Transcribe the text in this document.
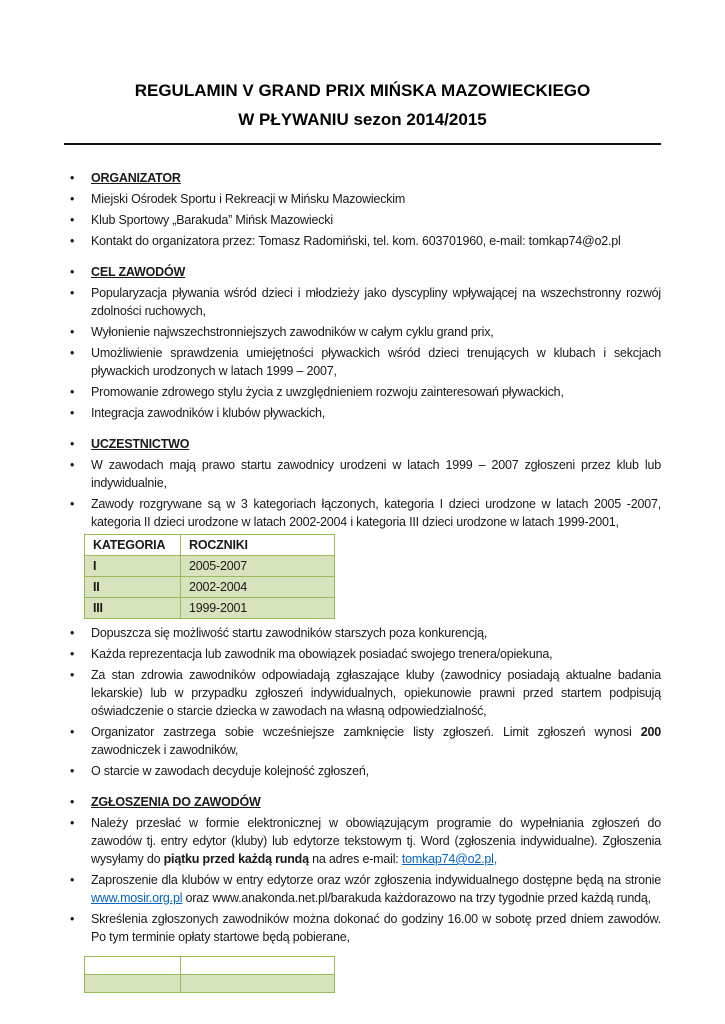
REGULAMIN V GRAND PRIX MIŃSKA MAZOWIECKIEGO
W PŁYWANIU sezon 2014/2015
• ORGANIZATOR
• Miejski Ośrodek Sportu i Rekreacji w Mińsku Mazowieckim
• Klub Sportowy „Barakuda” Mińsk Mazowiecki
• Kontakt do organizatora przez: Tomasz Radomiński, tel. kom. 603701960, e-mail: tomkap74@o2.pl
• CEL ZAWODÓW
• Popularyzacja pływania wśród dzieci i młodzieży jako dyscypliny wpływającej na wszechstronny rozwój zdolności ruchowych,
• Wyłonienie najwszechstronniejszych zawodników w całym cyklu grand prix,
• Umożliwienie sprawdzenia umiejętności pływackich wśród dzieci trenujących w klubach i sekcjach pływackich urodzonych w latach 1999 – 2007,
• Promowanie zdrowego stylu życia z uwzględnieniem rozwoju zainteresowań pływackich,
• Integracja zawodników i klubów pływackich,
• UCZESTNICTWO
• W zawodach mają prawo startu zawodnicy urodzeni w latach 1999 – 2007 zgłoszeni przez klub lub indywidualnie,
• Zawody rozgrywane są w 3 kategoriach łączonych, kategoria I dzieci urodzone w latach 2005 -2007, kategoria II dzieci urodzone w latach 2002-2004 i kategoria III dzieci urodzone w latach 1999-2001,
KATEGORIA	ROCZNIKI
I	2005-2007
II	2002-2004
III	1999-2001
• Dopuszcza się możliwość startu zawodników starszych poza konkurencją,
• Każda reprezentacja lub zawodnik ma obowiązek posiadać swojego trenera/opiekuna,
• Za stan zdrowia zawodników odpowiadają zgłaszające kluby (zawodnicy posiadają aktualne badania lekarskie) lub w przypadku zgłoszeń indywidualnych, opiekunowie prawni przed startem podpisują oświadczenie o starcie dziecka w zawodach na własną odpowiedzialność,
• Organizator zastrzega sobie wcześniejsze zamknięcie listy zgłoszeń. Limit zgłoszeń wynosi 200 zawodniczek i zawodników,
• O starcie w zawodach decyduje kolejność zgłoszeń,
• ZGŁOSZENIA DO ZAWODÓW
• Należy przesłać w formie elektronicznej w obowiązującym programie do wypełniania zgłoszeń do zawodów tj. entry edytor (kluby) lub edytorze tekstowym tj. Word (zgłoszenia indywidualne). Zgłoszenia wysyłamy do piątku przed każdą rundą na adres e-mail: tomkap74@o2.pl,
• Zaproszenie dla klubów w entry edytorze oraz wzór zgłoszenia indywidualnego dostępne będą na stronie www.mosir.org.pl oraz www.anakonda.net.pl/barakuda każdorazowo na trzy tygodnie przed każdą rundą,
• Skreślenia zgłoszonych zawodników można dokonać do godziny 16.00 w sobotę przed dniem zawodów. Po tym terminie opłaty startowe będą pobierane,
